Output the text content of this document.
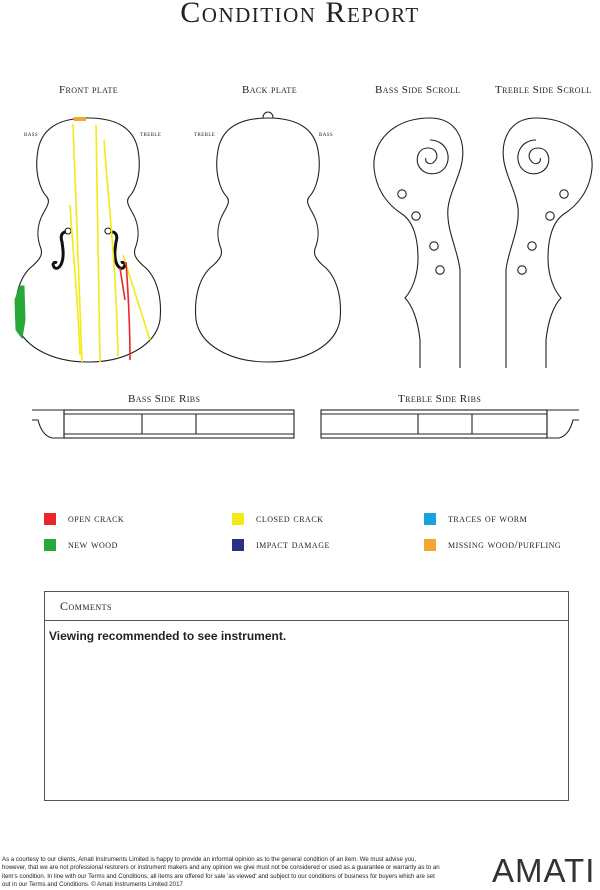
Condition Report
Front plate	Back plate	Bass Side Scroll	Treble Side Scroll
bass	treble	treble	bass
Bass Side Ribs	Treble Side Ribs
open crack	closed crack	traces of worm
new wood	impact damage	missing wood/purfling
Comments
Viewing recommended to see instrument.
As a courtesy to our clients, Amati Instruments Limited is happy to provide an informal opinion as to the general condition of an item. We must advise you, however, that we are not professional restorers or instrument makers and any opinion we give must not be considered or used as a guarantee or warranty as to an item's condition. In line with our Terms and Conditions, all items are offered for sale 'as viewed' and subject to our conditions of business for buyers which are set out in our Terms and Conditions. © Amati Instruments Limited 2017	AMATI
